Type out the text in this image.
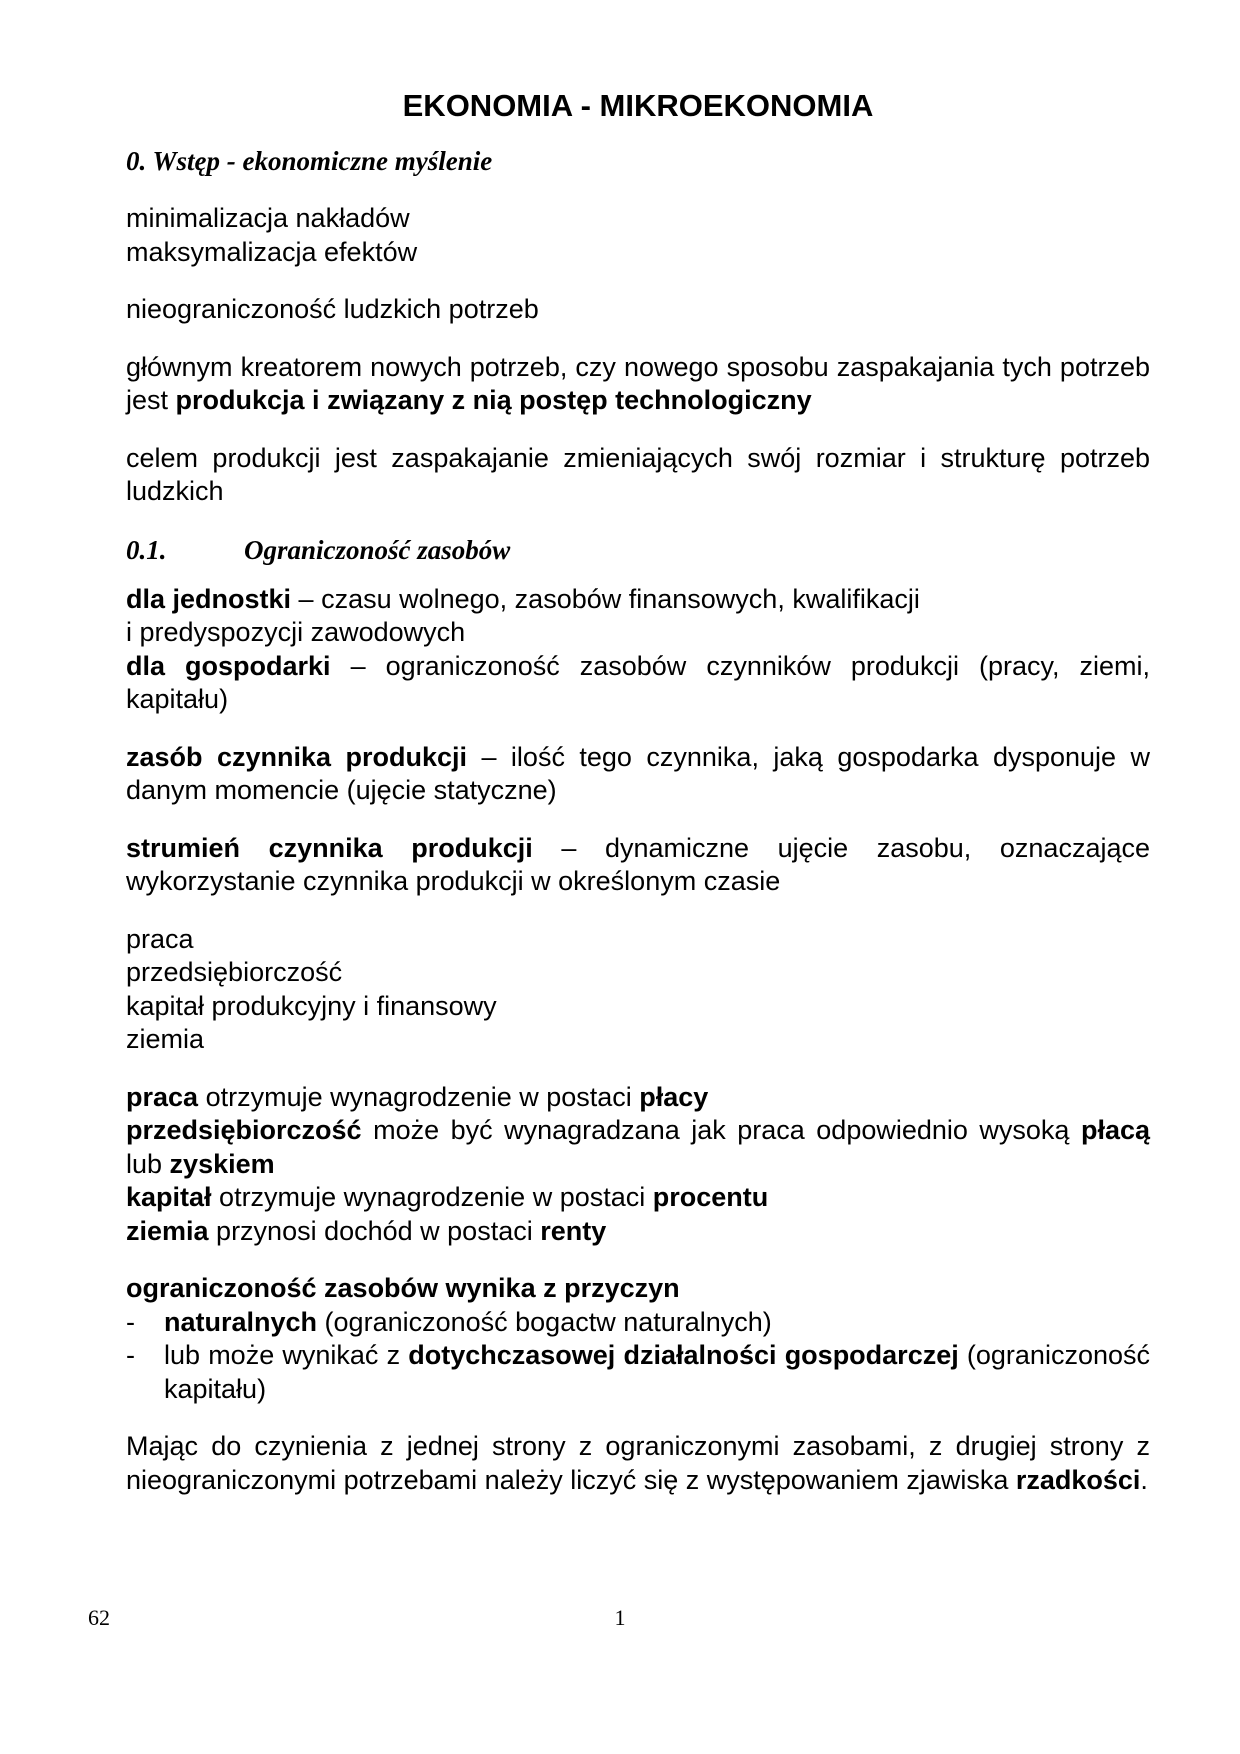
EKONOMIA - MIKROEKONOMIA
0. Wstęp - ekonomiczne myślenie

minimalizacja nakładów
maksymalizacja efektów

nieograniczoność ludzkich potrzeb

głównym kreatorem nowych potrzeb, czy nowego sposobu zaspakajania tych potrzeb jest produkcja i związany z nią postęp technologiczny

celem produkcji jest zaspakajanie zmieniających swój rozmiar i strukturę potrzeb ludzkich

0.1.	Ograniczoność zasobów

dla jednostki – czasu wolnego, zasobów finansowych, kwalifikacji
i predyspozycji zawodowych
dla gospodarki – ograniczoność zasobów czynników produkcji (pracy, ziemi, kapitału)

zasób czynnika produkcji – ilość tego czynnika, jaką gospodarka dysponuje w danym momencie (ujęcie statyczne)

strumień czynnika produkcji – dynamiczne ujęcie zasobu, oznaczające wykorzystanie czynnika produkcji w określonym czasie

praca
przedsiębiorczość
kapitał produkcyjny i finansowy
ziemia

praca otrzymuje wynagrodzenie w postaci płacy
przedsiębiorczość może być wynagradzana jak praca odpowiednio wysoką płacą lub zyskiem
kapitał otrzymuje wynagrodzenie w postaci procentu
ziemia przynosi dochód w postaci renty

ograniczoność zasobów wynika z przyczyn

- naturalnych (ograniczoność bogactw naturalnych)
- lub może wynikać z dotychczasowej działalności gospodarczej (ograniczoność kapitału)

Mając do czynienia z jednej strony z ograniczonymi zasobami, z drugiej strony z nieograniczonymi potrzebami należy liczyć się z występowaniem zjawiska rzadkości.

62	1
